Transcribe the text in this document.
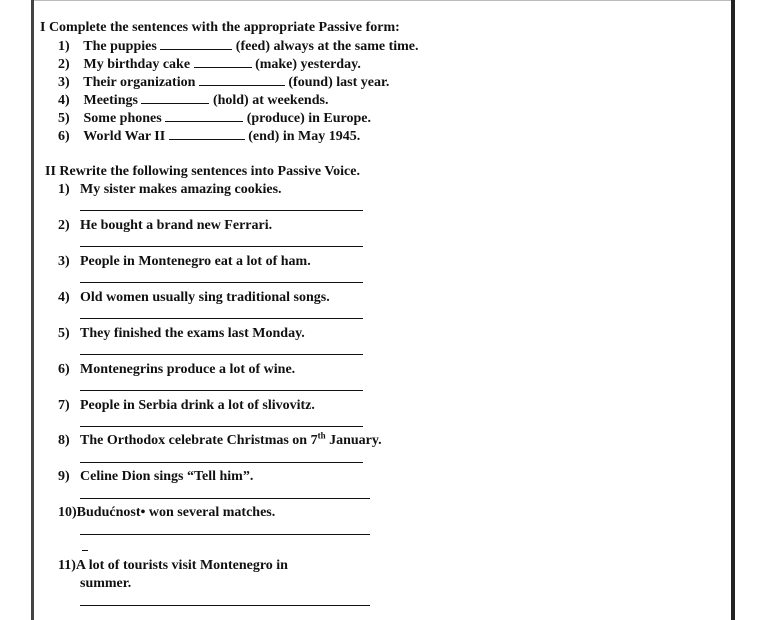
I Complete the sentences with the appropriate Passive form:
1) The puppies	(feed) always at the same time.
2) My birthday cake	(make) yesterday.
3) Their organization	(found) last year.
4) Meetings	(hold) at weekends.
5) Some phones	(produce) in Europe.
6) World War II	(end) in May 1945.
II Rewrite the following sentences into Passive Voice.
1) My sister makes amazing cookies.
2) He bought a brand new Ferrari.
3) People in Montenegro eat a lot of ham.
4) Old women usually sing traditional songs.
5) They finished the exams last Monday.
6) Montenegrins produce a lot of wine.
7) People in Serbia drink a lot of slivovitz.
8) The Orthodox celebrate Christmas on 7th January.
9) Celine Dion sings “Tell him”.
10)Budućnost• won several matches.
11)A lot of tourists visit Montenegro in
summer.
